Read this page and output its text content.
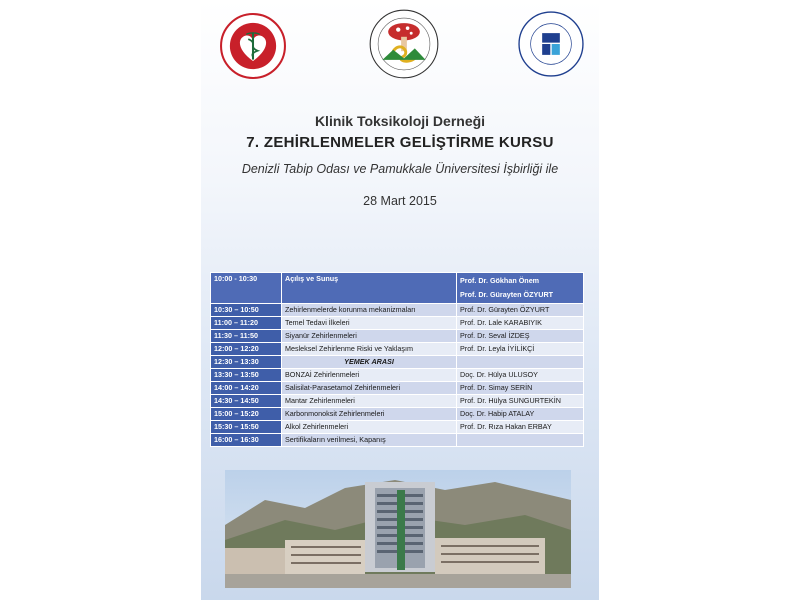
Klinik Toksikoloji Derneği
7. ZEHİRLENMELER GELİŞTİRME KURSU
Denizli Tabip Odası ve Pamukkale Üniversitesi İşbirliği ile
28 Mart 2015
10:00 - 10:30	Açılış ve Sunuş	Prof. Dr. Gökhan Önem
Prof. Dr. Gürayten ÖZYURT
10:30 – 10:50	Zehirlenmelerde korunma mekanizmaları	Prof. Dr. Gürayten ÖZYURT
11:00 – 11:20	Temel Tedavi İlkeleri	Prof. Dr. Lale KARABIYIK
11:30 – 11:50	Siyanür Zehirlenmeleri	Prof. Dr. Seval İZDEŞ
12:00 – 12:20	Mesleksel Zehirlenme Riski ve Yaklaşım	Prof. Dr. Leyla İYİLİKÇİ
12:30 – 13:30	YEMEK ARASI	
13:30 – 13:50	BONZAİ Zehirlenmeleri	Doç. Dr. Hülya ULUSOY
14:00 – 14:20	Salisilat-Parasetamol Zehirlenmeleri	Prof. Dr. Simay SERİN
14:30 – 14:50	Mantar Zehirlenmeleri	Prof. Dr. Hülya SUNGURTEKİN
15:00 – 15:20	Karbonmonoksit Zehirlenmeleri	Doç. Dr. Habip ATALAY
15:30 – 15:50	Alkol Zehirlenmeleri	Prof. Dr. Rıza Hakan ERBAY
16:00 – 16:30	Sertifikaların verilmesi, Kapanış	
